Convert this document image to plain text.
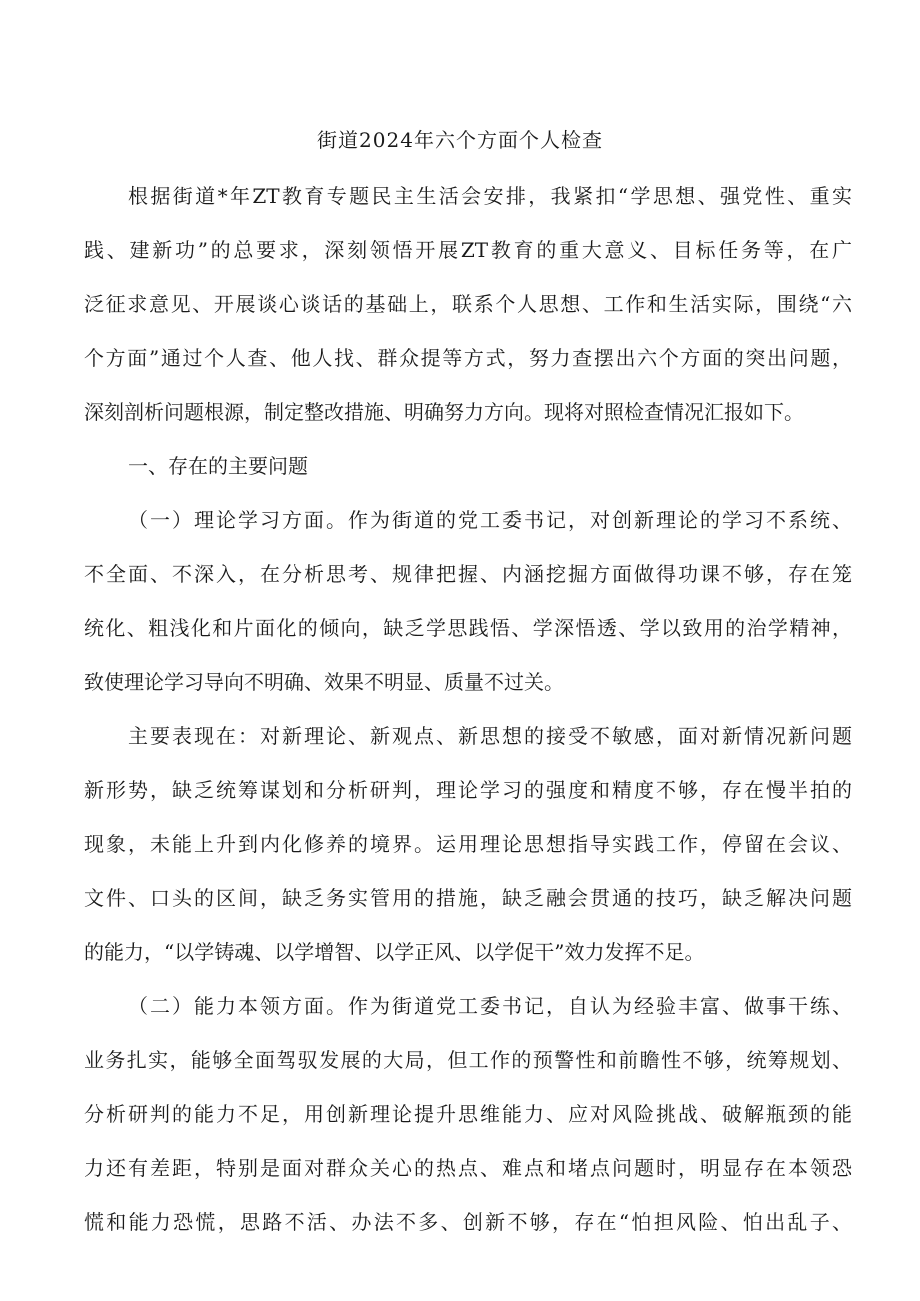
街道2024年六个方面个人检查

根据街道*年ZT教育专题民主生活会安排，我紧扣“学思想、强党性、重实

践、建新功”的总要求，深刻领悟开展ZT教育的重大意义、目标任务等，在广

泛征求意见、开展谈心谈话的基础上，联系个人思想、工作和生活实际，围绕“六

个方面”通过个人查、他人找、群众提等方式，努力查摆出六个方面的突出问题，

深刻剖析问题根源，制定整改措施、明确努力方向。现将对照检查情况汇报如下。

一、存在的主要问题

（一）理论学习方面。作为街道的党工委书记，对创新理论的学习不系统、

不全面、不深入，在分析思考、规律把握、内涵挖掘方面做得功课不够，存在笼

统化、粗浅化和片面化的倾向，缺乏学思践悟、学深悟透、学以致用的治学精神，

致使理论学习导向不明确、效果不明显、质量不过关。

主要表现在：对新理论、新观点、新思想的接受不敏感，面对新情况新问题

新形势，缺乏统筹谋划和分析研判，理论学习的强度和精度不够，存在慢半拍的

现象，未能上升到内化修养的境界。运用理论思想指导实践工作，停留在会议、

文件、口头的区间，缺乏务实管用的措施，缺乏融会贯通的技巧，缺乏解决问题

的能力，“以学铸魂、以学增智、以学正风、以学促干”效力发挥不足。

（二）能力本领方面。作为街道党工委书记，自认为经验丰富、做事干练、

业务扎实，能够全面驾驭发展的大局，但工作的预警性和前瞻性不够，统筹规划、

分析研判的能力不足，用创新理论提升思维能力、应对风险挑战、破解瓶颈的能

力还有差距，特别是面对群众关心的热点、难点和堵点问题时，明显存在本领恐

慌和能力恐慌，思路不活、办法不多、创新不够，存在“怕担风险、怕出乱子、
